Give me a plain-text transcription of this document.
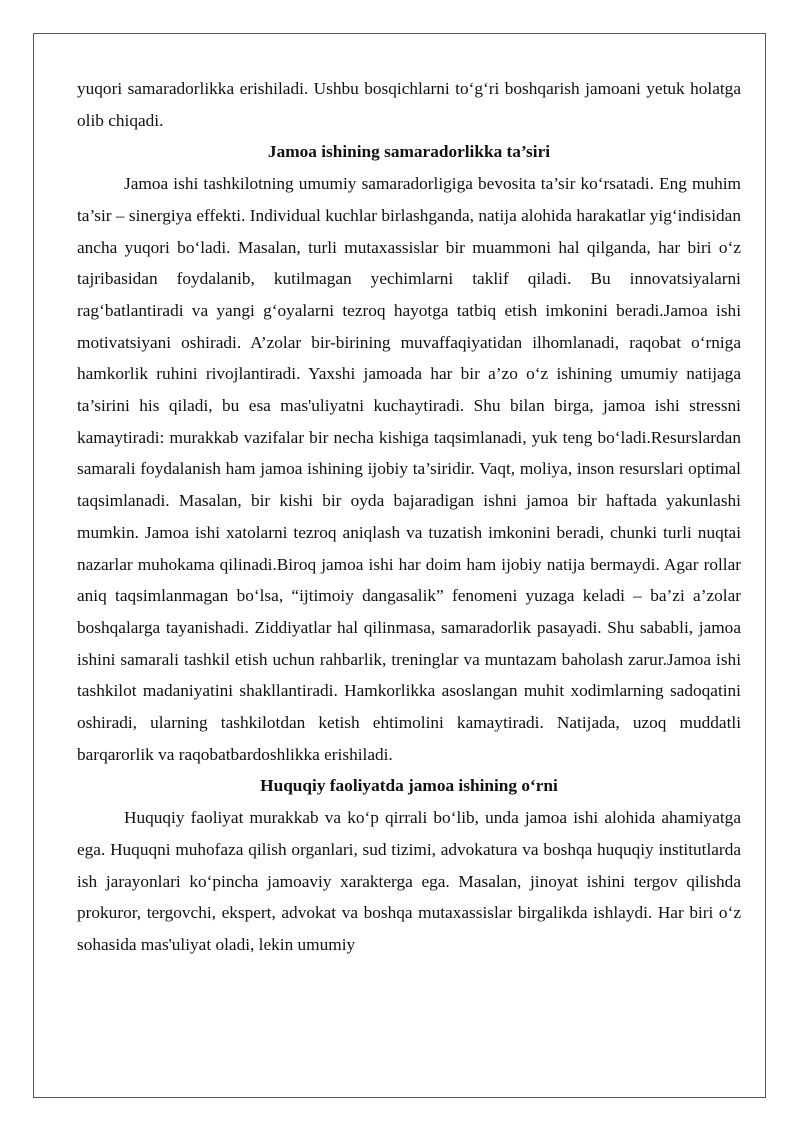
yuqori samaradorlikka erishiladi. Ushbu bosqichlarni to‘g‘ri boshqarish jamoani yetuk holatga olib chiqadi.

Jamoa ishining samaradorlikka ta’siri

Jamoa ishi tashkilotning umumiy samaradorligiga bevosita ta’sir ko‘rsatadi. Eng muhim ta’sir – sinergiya effekti. Individual kuchlar birlashganda, natija alohida harakatlar yig‘indisidan ancha yuqori bo‘ladi. Masalan, turli mutaxassislar bir muammoni hal qilganda, har biri o‘z tajribasidan foydalanib, kutilmagan yechimlarni taklif qiladi. Bu innovatsiyalarni rag‘batlantiradi va yangi g‘oyalarni tezroq hayotga tatbiq etish imkonini beradi.Jamoa ishi motivatsiyani oshiradi. A’zolar bir-birining muvaffaqiyatidan ilhomlanadi, raqobat o‘rniga hamkorlik ruhini rivojlantiradi. Yaxshi jamoada har bir a’zo o‘z ishining umumiy natijaga ta’sirini his qiladi, bu esa mas'uliyatni kuchaytiradi. Shu bilan birga, jamoa ishi stressni kamaytiradi: murakkab vazifalar bir necha kishiga taqsimlanadi, yuk teng bo‘ladi.Resurslardan samarali foydalanish ham jamoa ishining ijobiy ta’siridir. Vaqt, moliya, inson resurslari optimal taqsimlanadi. Masalan, bir kishi bir oyda bajaradigan ishni jamoa bir haftada yakunlashi mumkin. Jamoa ishi xatolarni tezroq aniqlash va tuzatish imkonini beradi, chunki turli nuqtai nazarlar muhokama qilinadi.Biroq jamoa ishi har doim ham ijobiy natija bermaydi. Agar rollar aniq taqsimlanmagan bo‘lsa, “ijtimoiy dangasalik” fenomeni yuzaga keladi – ba’zi a’zolar boshqalarga tayanishadi. Ziddiyatlar hal qilinmasa, samaradorlik pasayadi. Shu sababli, jamoa ishini samarali tashkil etish uchun rahbarlik, treninglar va muntazam baholash zarur.Jamoa ishi tashkilot madaniyatini shakllantiradi. Hamkorlikka asoslangan muhit xodimlarning sadoqatini oshiradi, ularning tashkilotdan ketish ehtimolini kamaytiradi. Natijada, uzoq muddatli barqarorlik va raqobatbardoshlikka erishiladi.

Huquqiy faoliyatda jamoa ishining o‘rni

Huquqiy faoliyat murakkab va ko‘p qirrali bo‘lib, unda jamoa ishi alohida ahamiyatga ega. Huquqni muhofaza qilish organlari, sud tizimi, advokatura va boshqa huquqiy institutlarda ish jarayonlari ko‘pincha jamoaviy xarakterga ega. Masalan, jinoyat ishini tergov qilishda prokuror, tergovchi, ekspert, advokat va boshqa mutaxassislar birgalikda ishlaydi. Har biri o‘z sohasida mas'uliyat oladi, lekin umumiy
